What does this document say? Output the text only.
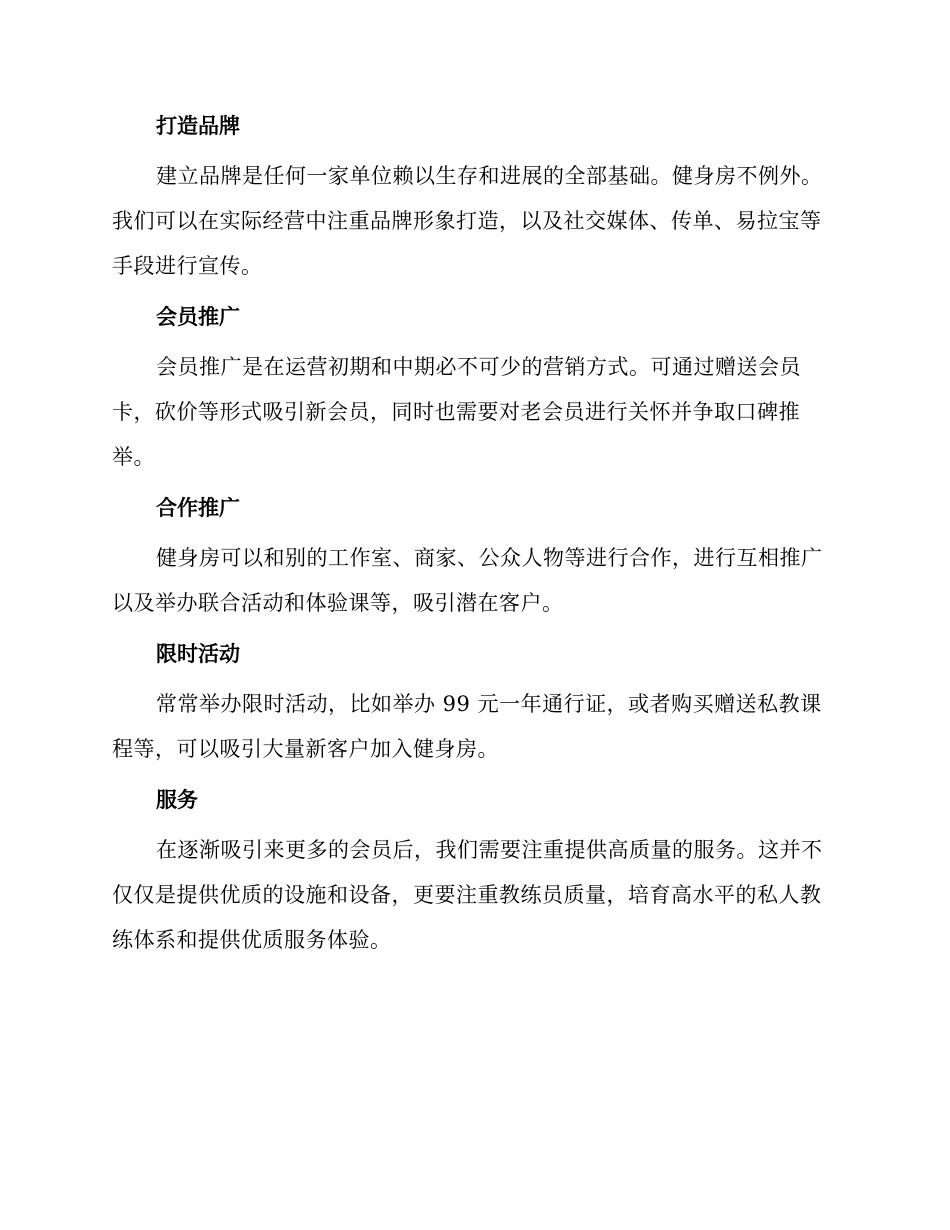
打造品牌

建立品牌是任何一家单位赖以生存和进展的全部基础。健身房不例外。我们可以在实际经营中注重品牌形象打造，以及社交媒体、传单、易拉宝等手段进行宣传。

会员推广

会员推广是在运营初期和中期必不可少的营销方式。可通过赠送会员卡，砍价等形式吸引新会员，同时也需要对老会员进行关怀并争取口碑推举。

合作推广

健身房可以和别的工作室、商家、公众人物等进行合作，进行互相推广以及举办联合活动和体验课等，吸引潜在客户。

限时活动

常常举办限时活动，比如举办 99 元一年通行证，或者购买赠送私教课程等，可以吸引大量新客户加入健身房。

服务

在逐渐吸引来更多的会员后，我们需要注重提供高质量的服务。这并不仅仅是提供优质的设施和设备，更要注重教练员质量，培育高水平的私人教练体系和提供优质服务体验。
